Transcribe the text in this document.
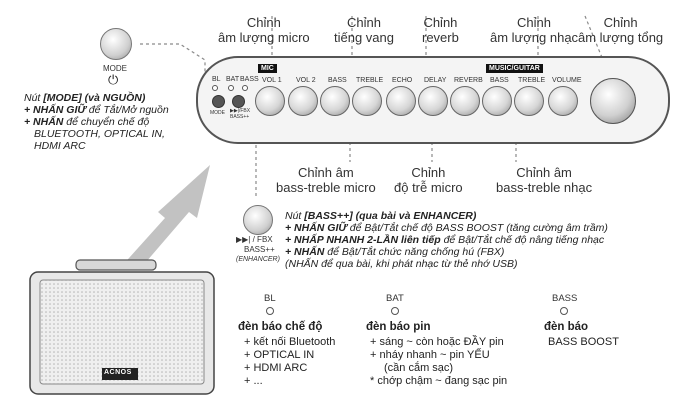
Chỉnh
âm lượng micro
Chỉnh
tiếng vang
Chỉnh
reverb
Chỉnh
âm lượng nhạc
Chỉnh
âm lượng tổng
MIC	MUSIC/GUITAR
BL BAT BASS
MODE ▶▶|/FBX
BASS++
VOL 1 VOL 2 BASS TREBLE ECHO DELAY REVERB BASS TREBLE VOLUME
Chỉnh âm
bass-treble micro
Chỉnh
độ trễ micro
Chỉnh âm
bass-treble nhạc
MODE
⏻
Nút [MODE] (và NGUỒN)
+ NHẤN GIỮ để Tắt/Mở nguồn
+ NHẤN để chuyển chế độ
BLUETOOTH, OPTICAL IN,
HDMI ARC
▶▶| / FBX
BASS++
(ENHANCER)
Nút [BASS++] (qua bài và ENHANCER)
+ NHẤN GIỮ để Bật/Tắt chế độ BASS BOOST (tăng cường âm trầm)
+ NHẤP NHANH 2-LẦN liên tiếp để Bật/Tắt chế độ nâng tiếng nhạc
+ NHẤN để Bật/Tắt chức năng chống hú (FBX)
(NHẤN để qua bài, khi phát nhạc từ thẻ nhớ USB)
ACNOS
BL
đèn báo chế độ
+ kết nối Bluetooth
+ OPTICAL IN
+ HDMI ARC
+ ...
BAT
đèn báo pin
+ sáng ~ còn hoặc ĐẦY pin
+ nháy nhanh ~ pin YẾU
(cần cắm sạc)
* chớp chậm ~ đang sạc pin
BASS
đèn báo
BASS BOOST
